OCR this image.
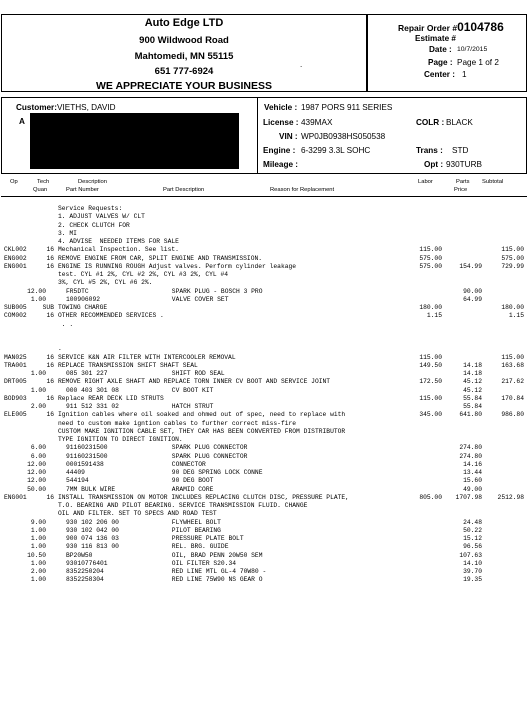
Auto Edge LTD
900 Wildwood Road
Mahtomedi, MN 55115
651 777-6924
WE APPRECIATE YOUR BUSINESS
.
Repair Order #0104786
Estimate #
Date : 10/7/2015
Page : Page 1 of 2
Center : 1
Customer: VIETHS, DAVID
A
Vehicle : 1987 PORS 911 SERIES
License : 439MAX	COLR : BLACK
VIN : WP0JB0938HS050538
Engine : 6-3299 3.3L SOHC	Trans : STD
Mileage :	Opt : 930TURB
Op	Tech
Quan
Description
Part Number	Part Description	Reason for Replacement
Labor	Parts
Price
Subtotal
Service Requests:
1. ADJUST VALVES W/ CLT
2. CHECK CLUTCH FOR
3. MI
4. ADVISE  NEEDED ITEMS FOR SALE
CKL002	16 Mechanical Inspection. See list.	115.00	115.00
ENG002	16 REMOVE ENGINE FROM CAR, SPLIT ENGINE AND TRANSMISSION.	575.00	575.00
ENG001	16 ENGINE IS RUNNING ROUGH Adjust valves. Perform cylinder leakage	575.00	154.99	729.99
test. CYL #1 2%, CYL #2 2%, CYL #3 2%, CYL #4
3%, CYL #5 2%, CYL #6 2%.
12.00	FR5DTC                      SPARK PLUG - BOSCH 3 PRO	90.00
1.00	100906092                   VALVE COVER SET	64.99
SUB005	SUB TOWING CHARGE	180.00	180.00
COM002	16 OTHER RECOMMENDED SERVICES .	1.15	1.15
. .
.
MAN025	16 SERVICE K&N AIR FILTER WITH INTERCOOLER REMOVAL	115.00	115.00
TRA001	16 REPLACE TRANSMISSION SHIFT SHAFT SEAL	149.50	14.18	163.68
1.00	085 301 227                 SHIFT ROD SEAL	14.18
DRT005	16 REMOVE RIGHT AXLE SHAFT AND REPLACE TORN INNER CV BOOT AND SERVICE JOINT	172.50	45.12	217.62
1.00	000 403 301 08              CV BOOT KIT	45.12
BOD903	16 Replace REAR DECK LID STRUTS	115.00	55.84	170.84
2.00	911 512 331 02              HATCH STRUT	55.84
ELE005	16 Ignition cables where oil soaked and ohmed out of spec, need to replace with	345.00	641.80	986.80
need to custom make igntion cables to further correct miss-fire
CUSTOM MAKE IGNITION CABLE SET, THEY CAR HAS BEEN CONVERTED FROM DISTRIBUTOR
TYPE IGNITION TO DIRECT IGNITION.
6.00	91160231500                 SPARK PLUG CONNECTOR	274.80
6.00	91160231500                 SPARK PLUG CONNECTOR	274.80
12.00	0001591438                  CONNECTOR	14.16
12.00	44409                       90 DEG SPRING LOCK CONNE	13.44
12.00	544194                      90 DEG BOOT	15.60
50.00	7MM BULK WIRE               ARAMID CORE	49.00
ENG001	16 INSTALL TRANSMISSION ON MOTOR INCLUDES REPLACING CLUTCH DISC, PRESSURE PLATE,	805.00	1707.98	2512.98
T.O. BEARING AND PILOT BEARING. SERVICE TRANSMISSION FLUID. CHANGE
OIL AND FILTER. SET TO SPECS AND ROAD TEST
9.00	930 102 206 00              FLYWHEEL BOLT	24.48
1.00	930 102 042 00              PILOT BEARING	50.22
1.00	900 074 136 03              PRESSURE PLATE BOLT	15.12
1.00	930 116 813 00              REL. BRG. GUIDE	96.56
10.50	BP20W50                     OIL, BRAD PENN 20W50 SEM	107.63
1.00	93010776401                 OIL FILTER S20.34	14.10
2.00	8352250204                  RED LINE MTL GL-4 70W80 -	39.70
1.00	8352258304                  RED LINE 75W90 NS GEAR O	19.35
